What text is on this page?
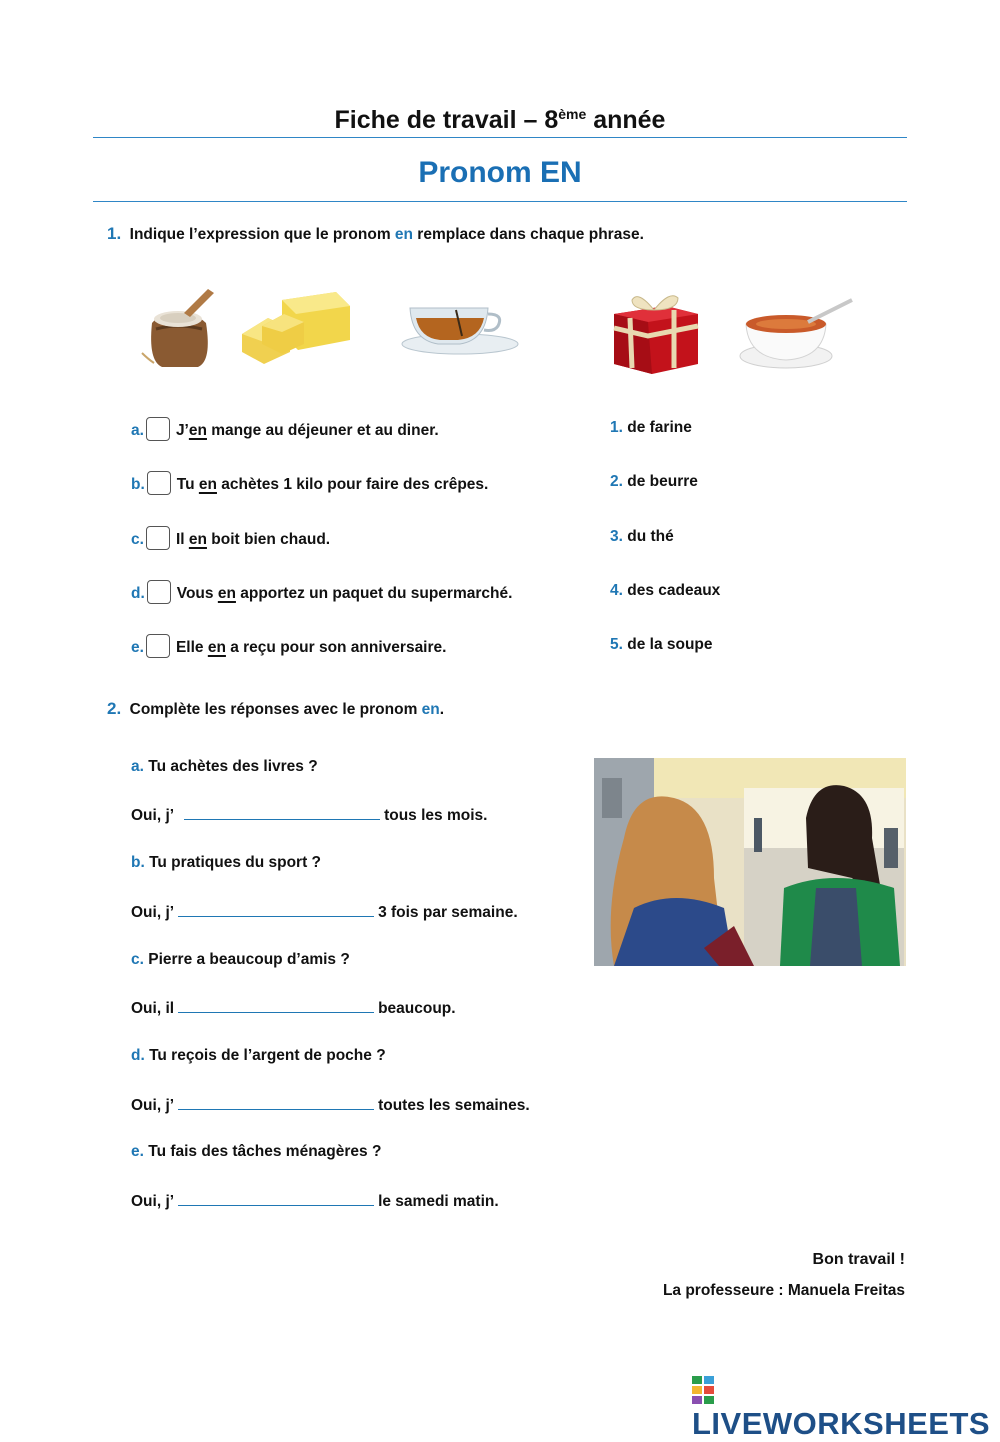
Fiche de travail – 8ème année
Pronom EN
1. Indique l’expression que le pronom en remplace dans chaque phrase.
a. J’en mange au déjeuner et au diner.
b. Tu en achètes 1 kilo pour faire des crêpes.
c. Il en boit bien chaud.
d. Vous en apportez un paquet du supermarché.
e. Elle en a reçu pour son anniversaire.
1. de farine
2. de beurre
3. du thé
4. des cadeaux
5. de la soupe
2. Complète les réponses avec le pronom en.
a. Tu achètes des livres ?
Oui, j’	tous les mois.
b. Tu pratiques du sport ?
Oui, j’	3 fois par semaine.
c. Pierre a beaucoup d’amis ?
Oui, il	beaucoup.
d. Tu reçois de l’argent de poche ?
Oui, j’	toutes les semaines.
e. Tu fais des tâches ménagères ?
Oui, j’	le samedi matin.
Bon travail !
La professeure : Manuela Freitas
LIVEWORKSHEETS
